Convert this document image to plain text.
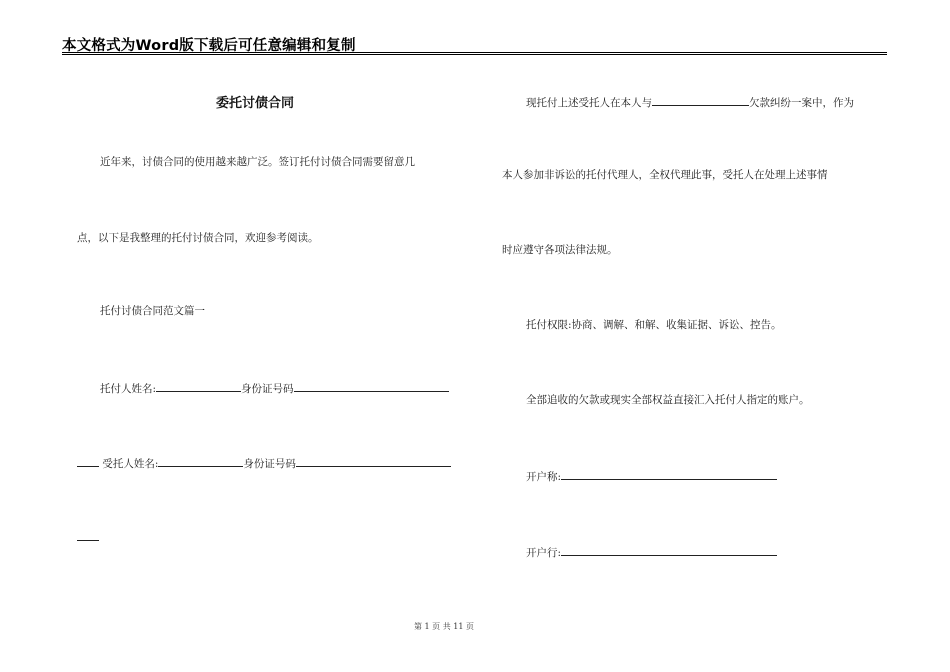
本文格式为Word版下载后可任意编辑和复制
委托讨债合同
近年来，讨债合同的使用越来越广泛。签订托付讨债合同需要留意几
点，以下是我整理的托付讨债合同，欢迎参考阅读。
托付讨债合同范文篇一
托付人姓名:	身份证号码
受托人姓名:	身份证号码
现托付上述受托人在本人与	欠款纠纷一案中，作为
本人参加非诉讼的托付代理人，全权代理此事，受托人在处理上述事情
时应遵守各项法律法规。
托付权限:协商、调解、和解、收集证据、诉讼、控告。
全部追收的欠款或现实全部权益直接汇入托付人指定的账户。
开户称:
开户行:
第 1 页 共 11 页
